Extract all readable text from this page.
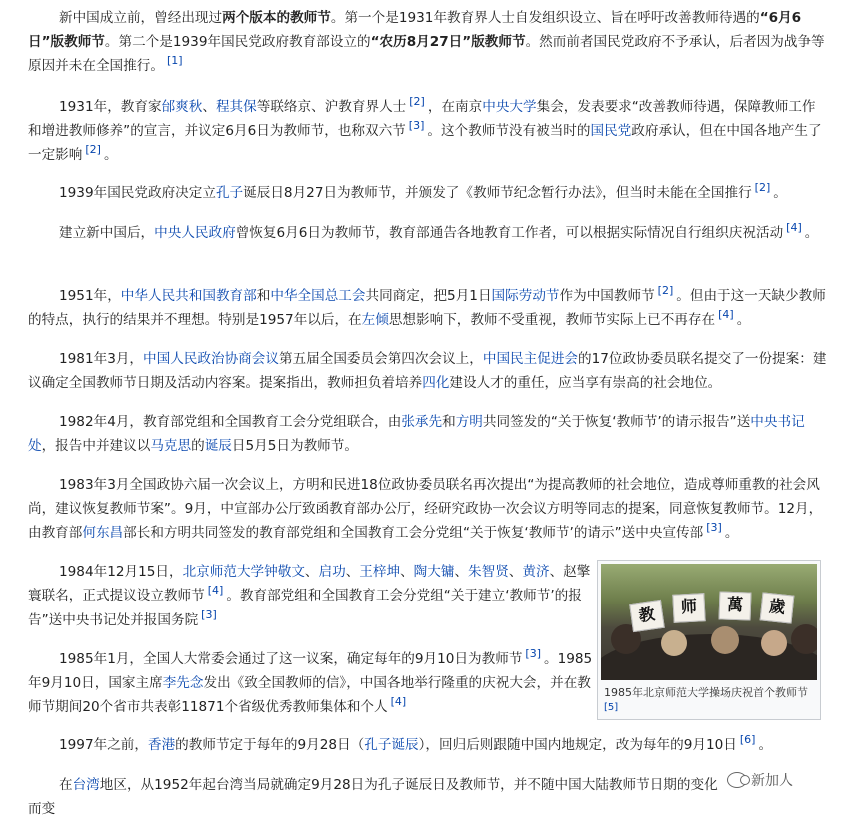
新中国成立前，曾经出现过两个版本的教师节。第一个是1931年教育界人士自发组织设立、旨在呼吁改善教师待遇的“6月6日”版教师节。第二个是1939年国民党政府教育部设立的“农历8月27日”版教师节。然而前者国民党政府不予承认，后者因为战争等原因并未在全国推行。 [1]
1931年，教育家邰爽秋、程其保等联络京、沪教育界人士 [2] ，在南京中央大学集会，发表要求“改善教师待遇，保障教师工作和增进教师修养”的宣言，并议定6月6日为教师节，也称双六节 [3] 。这个教师节没有被当时的国民党政府承认，但在中国各地产生了一定影响 [2] 。
1939年国民党政府决定立孔子诞辰日8月27日为教师节，并颁发了《教师节纪念暂行办法》，但当时未能在全国推行 [2] 。
建立新中国后，中央人民政府曾恢复6月6日为教师节，教育部通告各地教育工作者，可以根据实际情况自行组织庆祝活动 [4] 。
1951年，中华人民共和国教育部和中华全国总工会共同商定，把5月1日国际劳动节作为中国教师节 [2] 。但由于这一天缺少教师的特点，执行的结果并不理想。特别是1957年以后，在左倾思想影响下，教师不受重视，教师节实际上已不再存在 [4] 。
1981年3月，中国人民政治协商会议第五届全国委员会第四次会议上，中国民主促进会的17位政协委员联名提交了一份提案：建议确定全国教师节日期及活动内容案。提案指出，教师担负着培养四化建设人才的重任，应当享有崇高的社会地位。
1982年4月，教育部党组和全国教育工会分党组联合，由张承先和方明共同签发的“关于恢复‘教师节’的请示报告”送中央书记处，报告中并建议以马克思的诞辰日5月5日为教师节。
1983年3月全国政协六届一次会议上，方明和民进18位政协委员联名再次提出“为提高教师的社会地位，造成尊师重教的社会风尚，建议恢复教师节案”。9月，中宣部办公厅致函教育部办公厅，经研究政协一次会议方明等同志的提案，同意恢复教师节。12月，由教育部何东昌部长和方明共同签发的教育部党组和全国教育工会分党组“关于恢复‘教师节’的请示”送中央宣传部 [3] 。
1984年12月15日，北京师范大学钟敬文、启功、王梓坤、陶大镛、朱智贤、黄济、赵擎寰联名，正式提议设立教师节 [4] 。教育部党组和全国教育工会分党组“关于建立‘教师节’的报告”送中央书记处并报国务院 [3]
1985年1月，全国人大常委会通过了这一议案，确定每年的9月10日为教师节 [3] 。1985年9月10日，国家主席李先念发出《致全国教师的信》，中国各地举行隆重的庆祝大会，并在教师节期间20个省市共表彰11871个省级优秀教师集体和个人 [4]
1997年之前，香港的教师节定于每年的9月28日（孔子诞辰），回归后则跟随中国内地规定，改为每年的9月10日 [6] 。
在台湾地区，从1952年起台湾当局就确定9月28日为孔子诞辰日及教师节，并不随中国大陆教师节日期的变化而变
教	师	萬	歲
1985年北京师范大学操场庆祝首个教师节 [5]
新加人
